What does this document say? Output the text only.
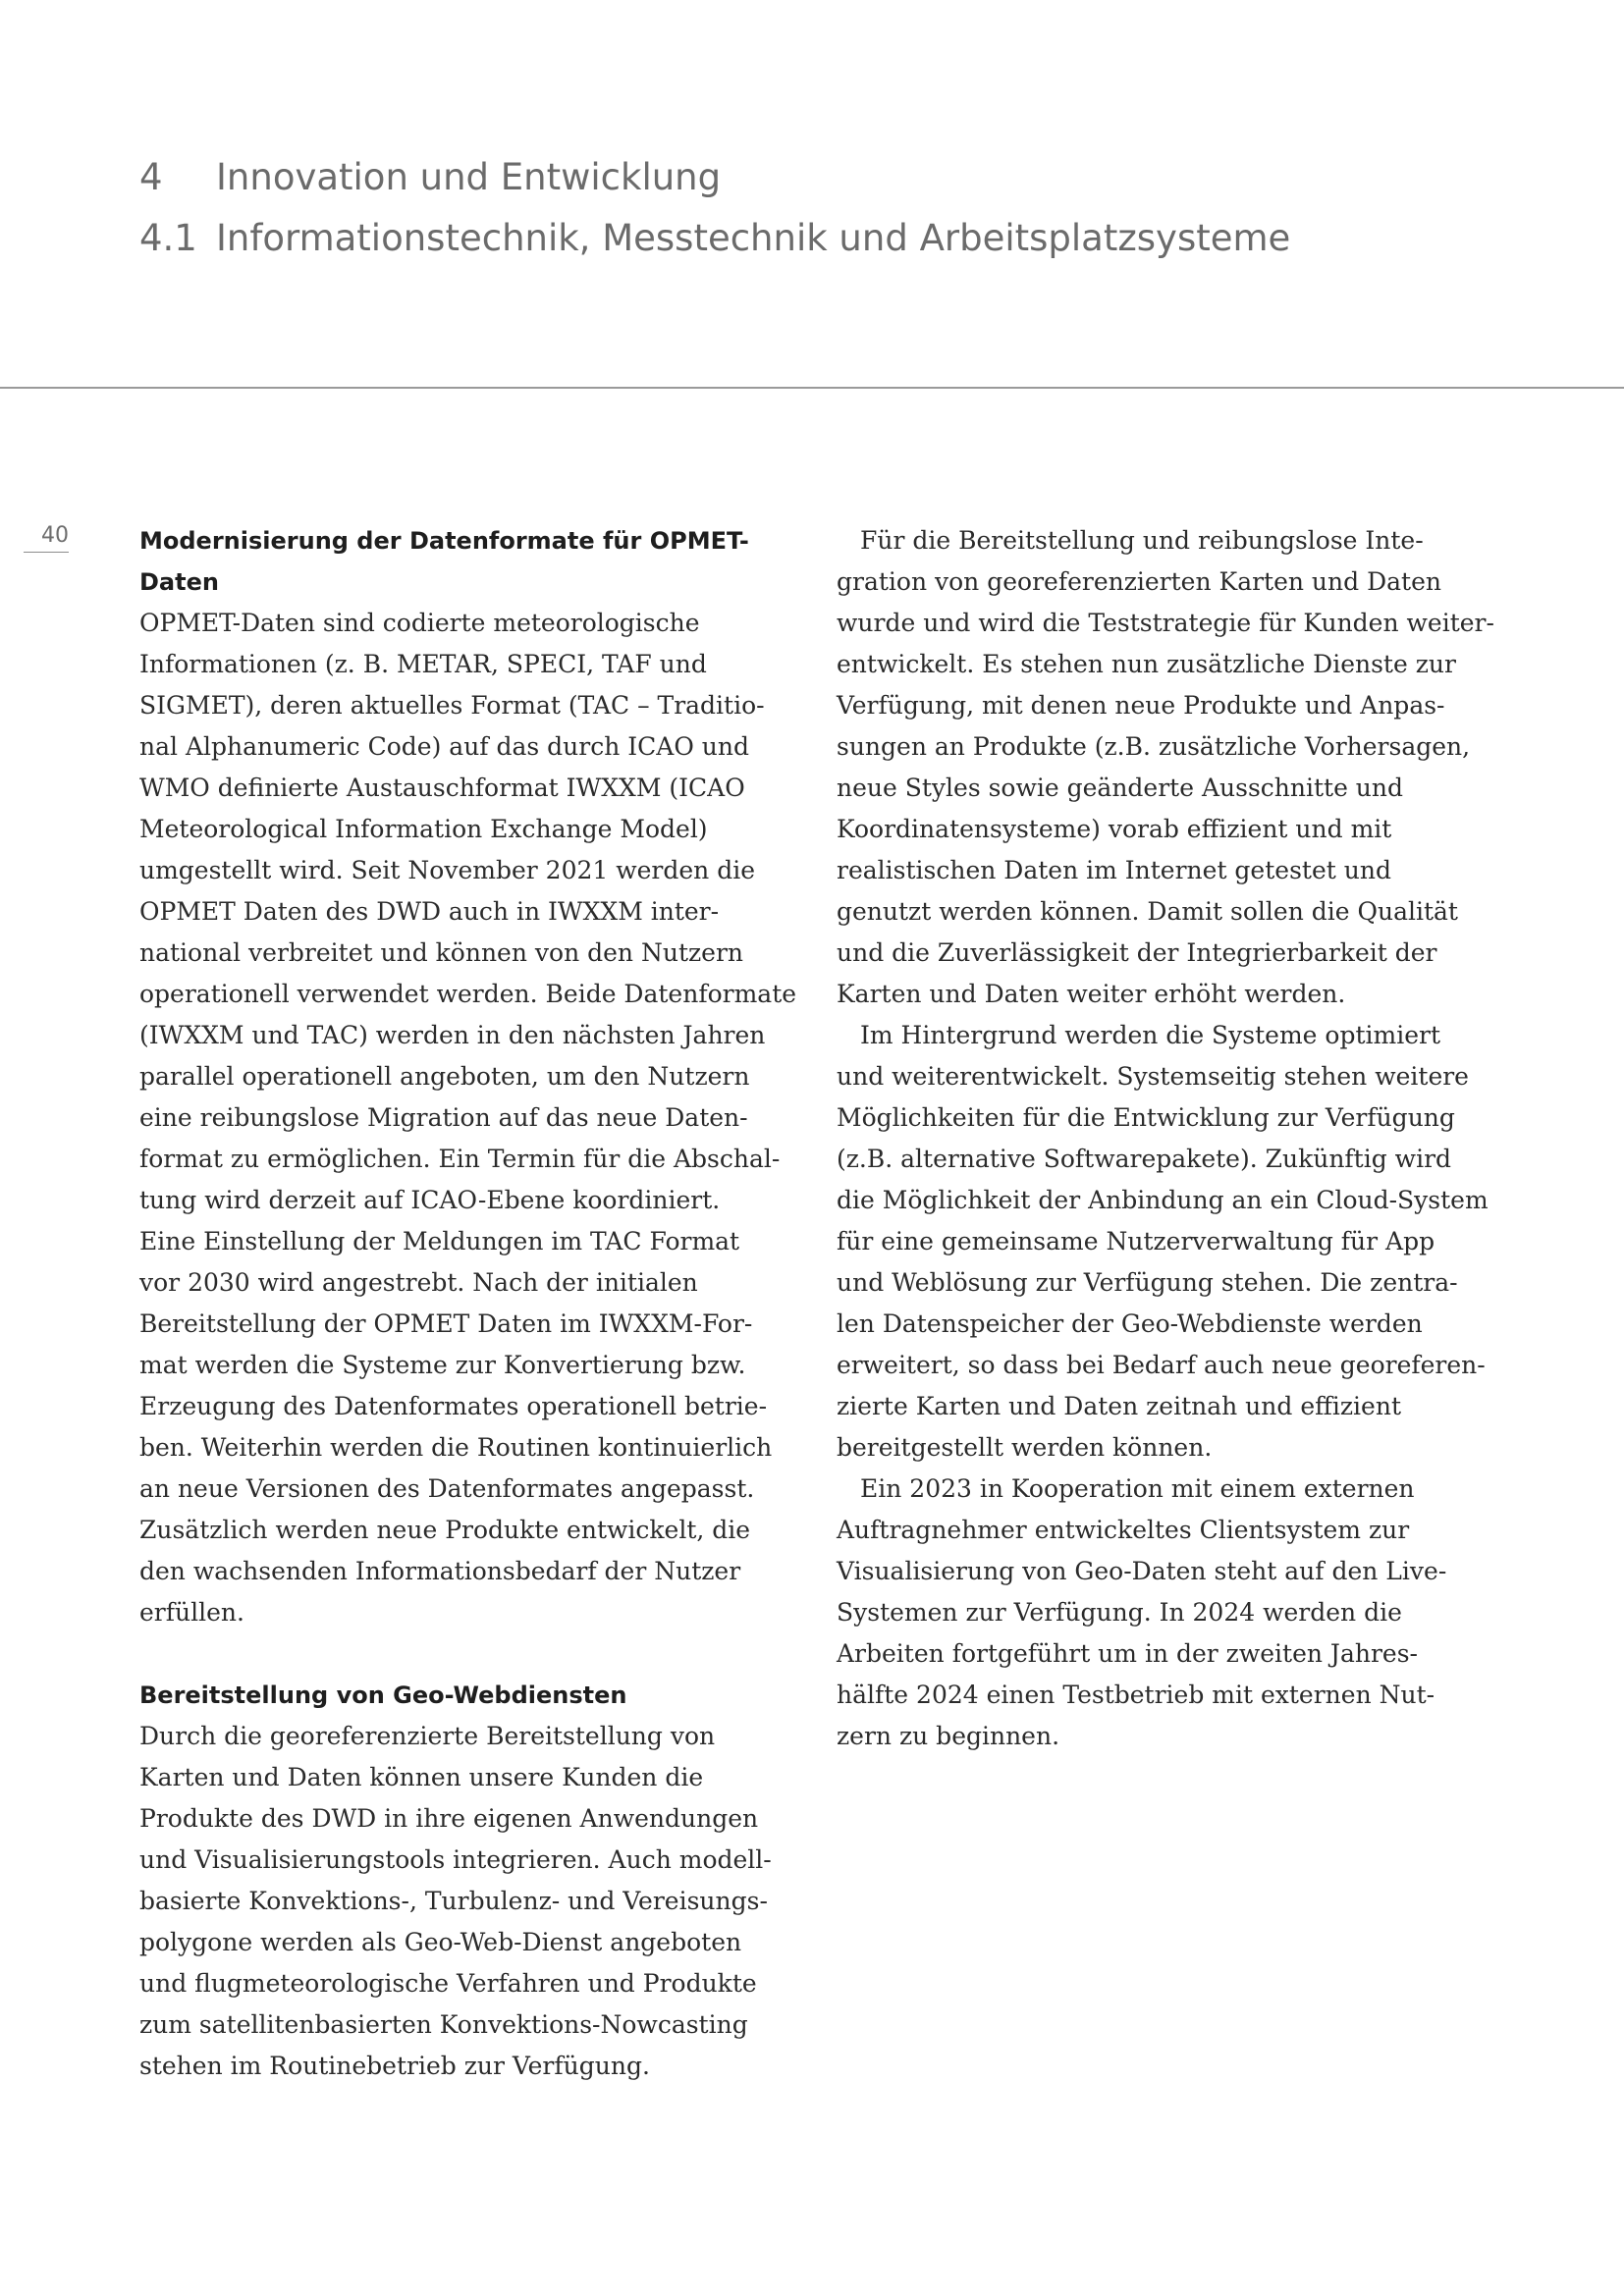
4	Innovation und Entwicklung
4.1 Informationstechnik, Messtechnik und Arbeitsplatzsysteme
40	Modernisierung der Datenformate für OPMET-Daten

OPMET-Daten sind codierte meteorologische
Informationen (z. B. METAR, SPECI, TAF und
SIGMET), deren aktuelles Format (TAC – Traditio-
nal Alphanumeric Code) auf das durch ICAO und
WMO definierte Austauschformat IWXXM (ICAO
Meteorological Information Exchange Model)
umgestellt wird. Seit November 2021 werden die
OPMET Daten des DWD auch in IWXXM inter-
national verbreitet und können von den Nutzern
operationell verwendet werden. Beide Datenformate
(IWXXM und TAC) werden in den nächsten Jahren
parallel operationell angeboten, um den Nutzern
eine reibungslose Migration auf das neue Daten-
format zu ermöglichen. Ein Termin für die Abschal-
tung wird derzeit auf ICAO-Ebene koordiniert.
Eine Einstellung der Meldungen im TAC Format
vor 2030 wird angestrebt. Nach der initialen
Bereitstellung der OPMET Daten im IWXXM-For-
mat werden die Systeme zur Konvertierung bzw.
Erzeugung des Datenformates operationell betrie-
ben. Weiterhin werden die Routinen kontinuierlich
an neue Versionen des Datenformates angepasst.
Zusätzlich werden neue Produkte entwickelt, die
den wachsenden Informationsbedarf der Nutzer
erfüllen.

Bereitstellung von Geo-Webdiensten

Durch die georeferenzierte Bereitstellung von
Karten und Daten können unsere Kunden die
Produkte des DWD in ihre eigenen Anwendungen
und Visualisierungstools integrieren. Auch modell-
basierte Konvektions-, Turbulenz- und Vereisungs-
polygone werden als Geo-Web-Dienst angeboten
und flugmeteorologische Verfahren und Produkte
zum satellitenbasierten Konvektions-Nowcasting
stehen im Routinebetrieb zur Verfügung.

Für die Bereitstellung und reibungslose Inte-
gration von georeferenzierten Karten und Daten
wurde und wird die Teststrategie für Kunden weiter-
entwickelt. Es stehen nun zusätzliche Dienste zur
Verfügung, mit denen neue Produkte und Anpas-
sungen an Produkte (z.B. zusätzliche Vorhersagen,
neue Styles sowie geänderte Ausschnitte und
Koordinatensysteme) vorab effizient und mit
realistischen Daten im Internet getestet und
genutzt werden können. Damit sollen die Qualität
und die Zuverlässigkeit der Integrierbarkeit der
Karten und Daten weiter erhöht werden.

Im Hintergrund werden die Systeme optimiert
und weiterentwickelt. Systemseitig stehen weitere
Möglichkeiten für die Entwicklung zur Verfügung
(z.B. alternative Softwarepakete). Zukünftig wird
die Möglichkeit der Anbindung an ein Cloud-System
für eine gemeinsame Nutzerverwaltung für App
und Weblösung zur Verfügung stehen. Die zentra-
len Datenspeicher der Geo-Webdienste werden
erweitert, so dass bei Bedarf auch neue georeferen-
zierte Karten und Daten zeitnah und effizient
bereitgestellt werden können.

Ein 2023 in Kooperation mit einem externen
Auftragnehmer entwickeltes Clientsystem zur
Visualisierung von Geo-Daten steht auf den Live-
Systemen zur Verfügung. In 2024 werden die
Arbeiten fortgeführt um in der zweiten Jahres-
hälfte 2024 einen Testbetrieb mit externen Nut-
zern zu beginnen.
